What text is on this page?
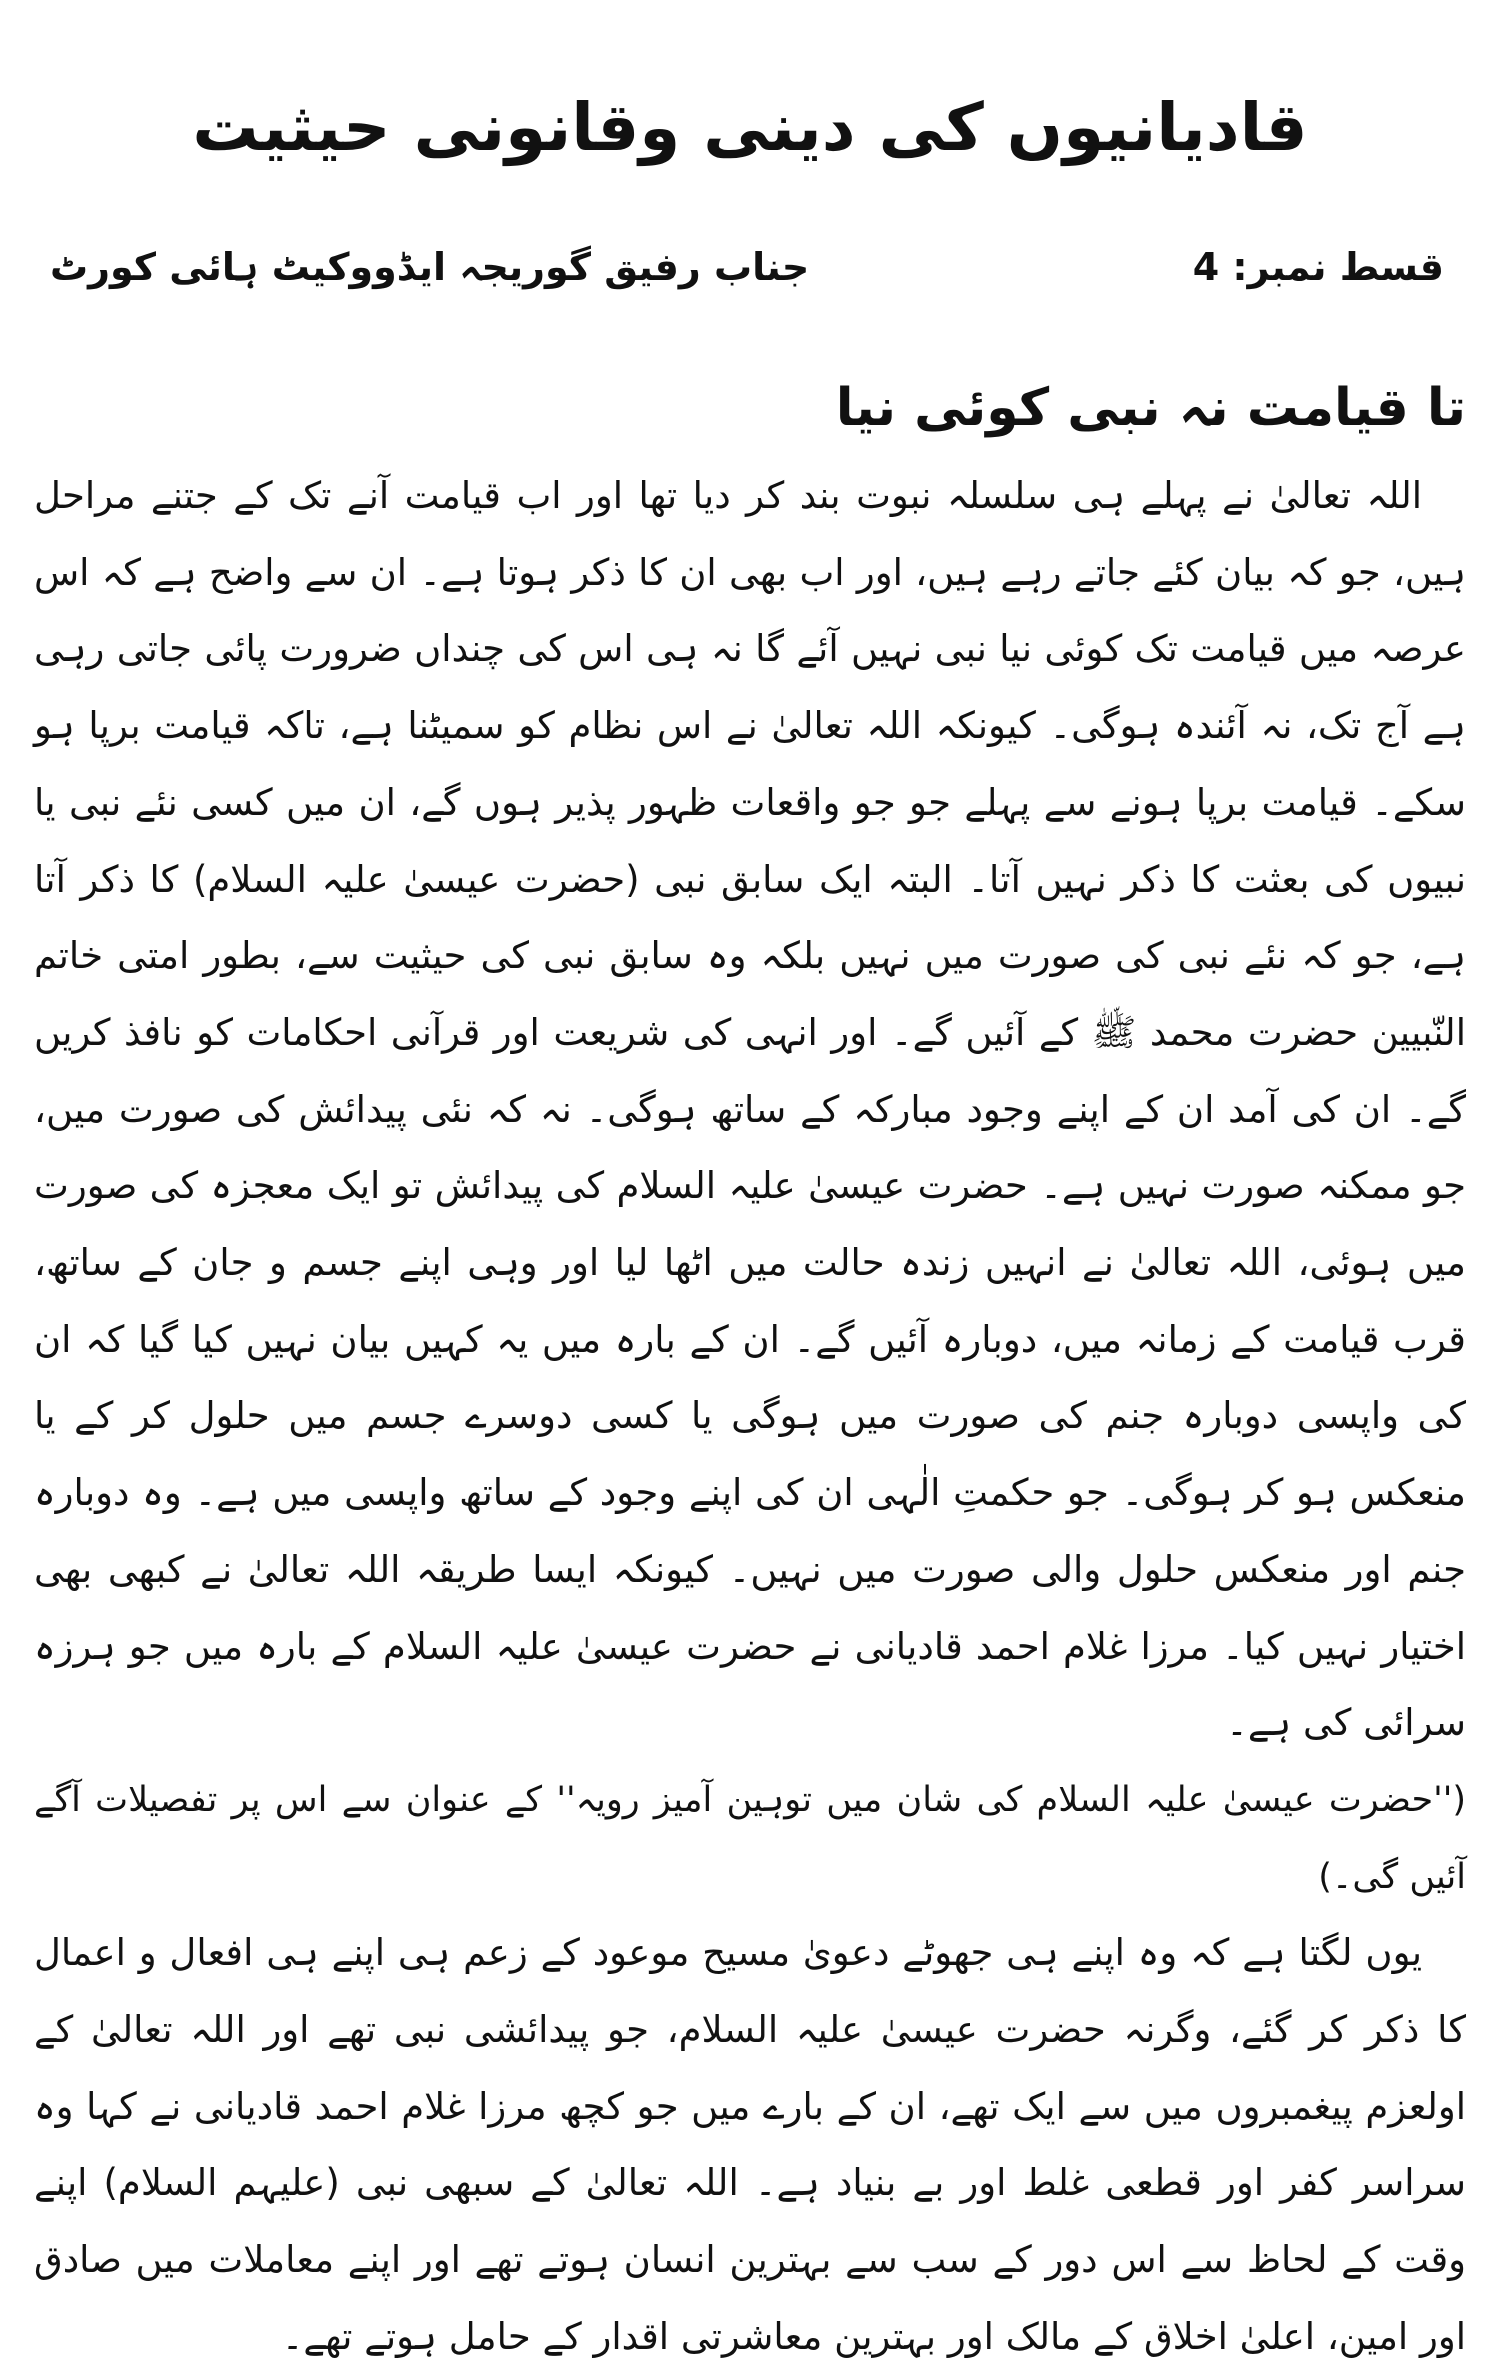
قادیانیوں کی دینی وقانونی حیثیت
قسط نمبر: 4
جناب رفیق گوریجہ ایڈووکیٹ ہائی کورٹ
تا قیامت نہ نبی کوئی نیا

اللہ تعالیٰ نے پہلے ہی سلسلہ نبوت بند کر دیا تھا اور اب قیامت آنے تک کے جتنے مراحل ہیں، جو کہ بیان کئے جاتے رہے ہیں، اور اب بھی ان کا ذکر ہوتا ہے۔ ان سے واضح ہے کہ اس عرصہ میں قیامت تک کوئی نیا نبی نہیں آئے گا نہ ہی اس کی چنداں ضرورت پائی جاتی رہی ہے آج تک، نہ آئندہ ہوگی۔ کیونکہ اللہ تعالیٰ نے اس نظام کو سمیٹنا ہے، تاکہ قیامت برپا ہو سکے۔ قیامت برپا ہونے سے پہلے جو جو واقعات ظہور پذیر ہوں گے، ان میں کسی نئے نبی یا نبیوں کی بعثت کا ذکر نہیں آتا۔ البتہ ایک سابق نبی (حضرت عیسیٰ علیہ السلام) کا ذکر آتا ہے، جو کہ نئے نبی کی صورت میں نہیں بلکہ وہ سابق نبی کی حیثیت سے، بطور امتی خاتم النّبیین حضرت محمد ﷺ کے آئیں گے۔ اور انہی کی شریعت اور قرآنی احکامات کو نافذ کریں گے۔ ان کی آمد ان کے اپنے وجود مبارکہ کے ساتھ ہوگی۔ نہ کہ نئی پیدائش کی صورت میں، جو ممکنہ صورت نہیں ہے۔ حضرت عیسیٰ علیہ السلام کی پیدائش تو ایک معجزہ کی صورت میں ہوئی، اللہ تعالیٰ نے انہیں زندہ حالت میں اٹھا لیا اور وہی اپنے جسم و جان کے ساتھ، قرب قیامت کے زمانہ میں، دوبارہ آئیں گے۔ ان کے بارہ میں یہ کہیں بیان نہیں کیا گیا کہ ان کی واپسی دوبارہ جنم کی صورت میں ہوگی یا کسی دوسرے جسم میں حلول کر کے یا منعکس ہو کر ہوگی۔ جو حکمتِ الٰہی ان کی اپنے وجود کے ساتھ واپسی میں ہے۔ وہ دوبارہ جنم اور منعکس حلول والی صورت میں نہیں۔ کیونکہ ایسا طریقہ اللہ تعالیٰ نے کبھی بھی اختیار نہیں کیا۔ مرزا غلام احمد قادیانی نے حضرت عیسیٰ علیہ السلام کے بارہ میں جو ہرزہ سرائی کی ہے۔

(''حضرت عیسیٰ علیہ السلام کی شان میں توہین آمیز رویہ'' کے عنوان سے اس پر تفصیلات آگے آئیں گی۔)

یوں لگتا ہے کہ وہ اپنے ہی جھوٹے دعویٰ مسیح موعود کے زعم ہی اپنے ہی افعال و اعمال کا ذکر کر گئے، وگرنہ حضرت عیسیٰ علیہ السلام، جو پیدائشی نبی تھے اور اللہ تعالیٰ کے اولعزم پیغمبروں میں سے ایک تھے، ان کے بارے میں جو کچھ مرزا غلام احمد قادیانی نے کہا وہ سراسر کفر اور قطعی غلط اور بے بنیاد ہے۔ اللہ تعالیٰ کے سبھی نبی (علیہم السلام) اپنے وقت کے لحاظ سے اس دور کے سب سے بہترین انسان ہوتے تھے اور اپنے معاملات میں صادق اور امین، اعلیٰ اخلاق کے مالک اور بہترین معاشرتی اقدار کے حامل ہوتے تھے۔
